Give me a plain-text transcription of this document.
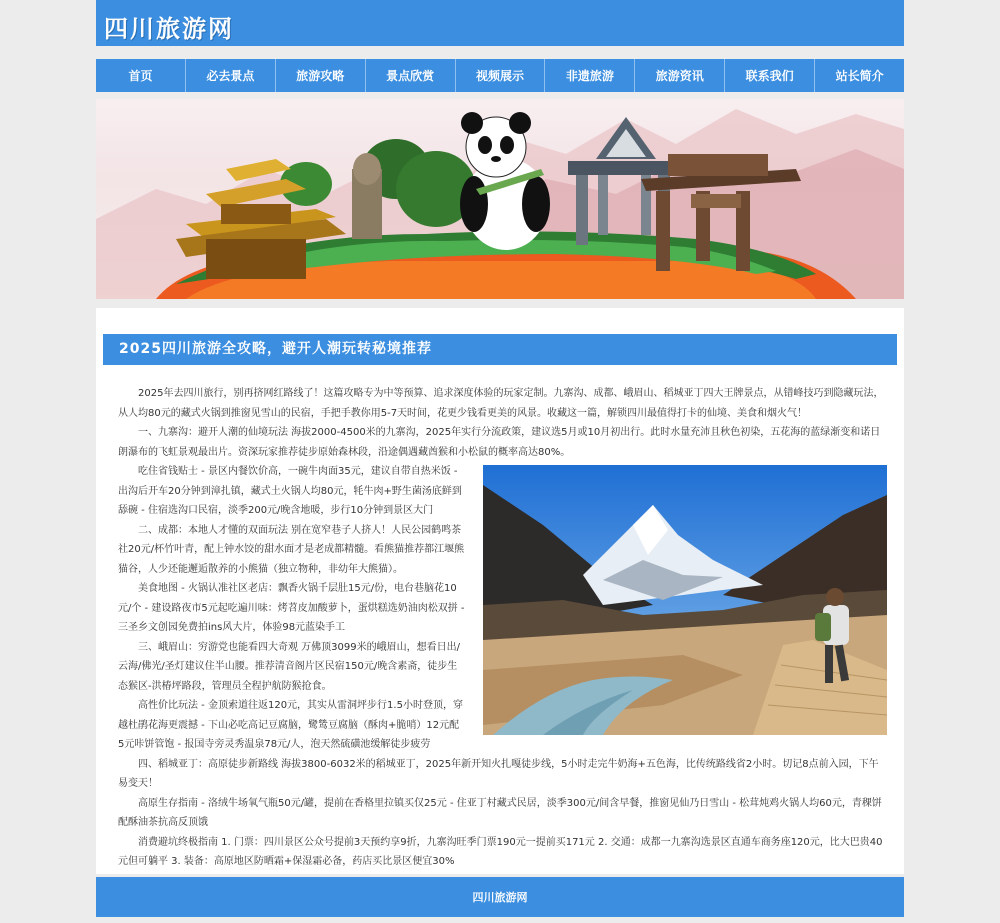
四川旅游网
首页	必去景点	旅游攻略	景点欣赏	视频展示	非遗旅游	旅游资讯	联系我们	站长简介
2025四川旅游全攻略，避开人潮玩转秘境推荐

2025年去四川旅行，别再挤网红路线了！这篇攻略专为中等预算、追求深度体验的玩家定制。九寨沟、成都、峨眉山、稻城亚丁四大王牌景点，从错峰技巧到隐藏玩法，从人均80元的藏式火锅到推窗见雪山的民宿，手把手教你用5-7天时间，花更少钱看更美的风景。收藏这一篇，解锁四川最值得打卡的仙境、美食和烟火气！

一、九寨沟：避开人潮的仙境玩法 海拔2000-4500米的九寨沟，2025年实行分流政策，建议选5月或10月初出行。此时水量充沛且秋色初染，五花海的蓝绿渐变和诺日朗瀑布的飞虹景观最出片。资深玩家推荐徒步原始森林段，沿途偶遇藏酋猴和小松鼠的概率高达80%。

吃住省钱贴士 - 景区内餐饮价高，一碗牛肉面35元，建议自带自热米饭 - 出沟后开车20分钟到漳扎镇，藏式土火锅人均80元，牦牛肉+野生菌汤底鲜到舔碗 - 住宿选沟口民宿，淡季200元/晚含地暖，步行10分钟到景区大门

二、成都：本地人才懂的双面玩法 别在宽窄巷子人挤人！人民公园鹤鸣茶社20元/杯竹叶青，配上钟水饺的甜水面才是老成都精髓。看熊猫推荐都江堰熊猫谷，人少还能邂逅散养的小熊猫（独立物种，非幼年大熊猫）。

美食地图 - 火锅认准社区老店：飘香火锅千层肚15元/份，电台巷脑花10元/个 - 建设路夜市5元起吃遍川味：烤苕皮加酸萝卜，蛋烘糕选奶油肉松双拼 - 三圣乡文创园免费拍ins风大片，体验98元蓝染手工

三、峨眉山：穷游党也能看四大奇观 万佛顶3099米的峨眉山，想看日出/云海/佛光/圣灯建议住半山腰。推荐清音阁片区民宿150元/晚含素斋，徒步生态猴区-洪椿坪路段，管理员全程护航防猴抢食。

高性价比玩法 - 金顶索道往返120元，其实从雷洞坪步行1.5小时登顶，穿越杜鹃花海更震撼 - 下山必吃高记豆腐脑，鹭鸶豆腐脑（酥肉+脆哨）12元配5元咔饼管饱 - 报国寺旁灵秀温泉78元/人，泡天然硫磺池缓解徒步疲劳

四、稻城亚丁：高原徒步新路线 海拔3800-6032米的稻城亚丁，2025年新开知火扎嘎徒步线，5小时走完牛奶海+五色海，比传统路线省2小时。切记8点前入园，下午易变天！

高原生存指南 - 洛绒牛场氧气瓶50元/罐，提前在香格里拉镇买仅25元 - 住亚丁村藏式民居，淡季300元/间含早餐，推窗见仙乃日雪山 - 松茸炖鸡火锅人均60元，青稞饼配酥油茶抗高反顶饿

消费避坑终极指南 1. 门票：四川景区公众号提前3天预约享9折，九寨沟旺季门票190元一提前买171元 2. 交通：成都一九寨沟选景区直通车商务座120元，比大巴贵40元但可躺平 3. 装备：高原地区防晒霜+保湿霜必备，药店买比景区便宜30%

四川旅游网
